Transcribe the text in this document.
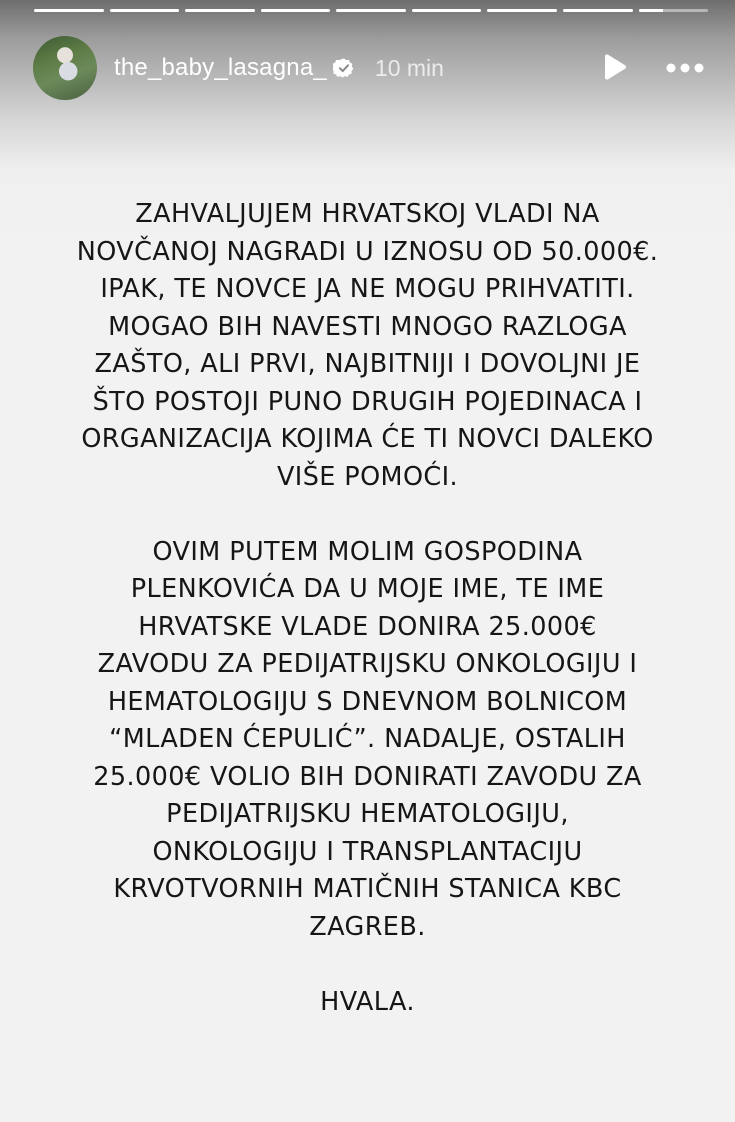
the_baby_lasagna_ 10 min

ZAHVALJUJEM HRVATSKOJ VLADI NA
NOVČANOJ NAGRADI U IZNOSU OD 50.000€.
IPAK, TE NOVCE JA NE MOGU PRIHVATITI.
MOGAO BIH NAVESTI MNOGO RAZLOGA
ZAŠTO, ALI PRVI, NAJBITNIJI I DOVOLJNI JE
ŠTO POSTOJI PUNO DRUGIH POJEDINACA I
ORGANIZACIJA KOJIMA ĆE TI NOVCI DALEKO
VIŠE POMOĆI.

OVIM PUTEM MOLIM GOSPODINA
PLENKOVIĆA DA U MOJE IME, TE IME
HRVATSKE VLADE DONIRA 25.000€
ZAVODU ZA PEDIJATRIJSKU ONKOLOGIJU I
HEMATOLOGIJU S DNEVNOM BOLNICOM
“MLADEN ĆEPULIĆ”. NADALJE, OSTALIH
25.000€ VOLIO BIH DONIRATI ZAVODU ZA
PEDIJATRIJSKU HEMATOLOGIJU,
ONKOLOGIJU I TRANSPLANTACIJU
KRVOTVORNIH MATIČNIH STANICA KBC
ZAGREB.

HVALA.
